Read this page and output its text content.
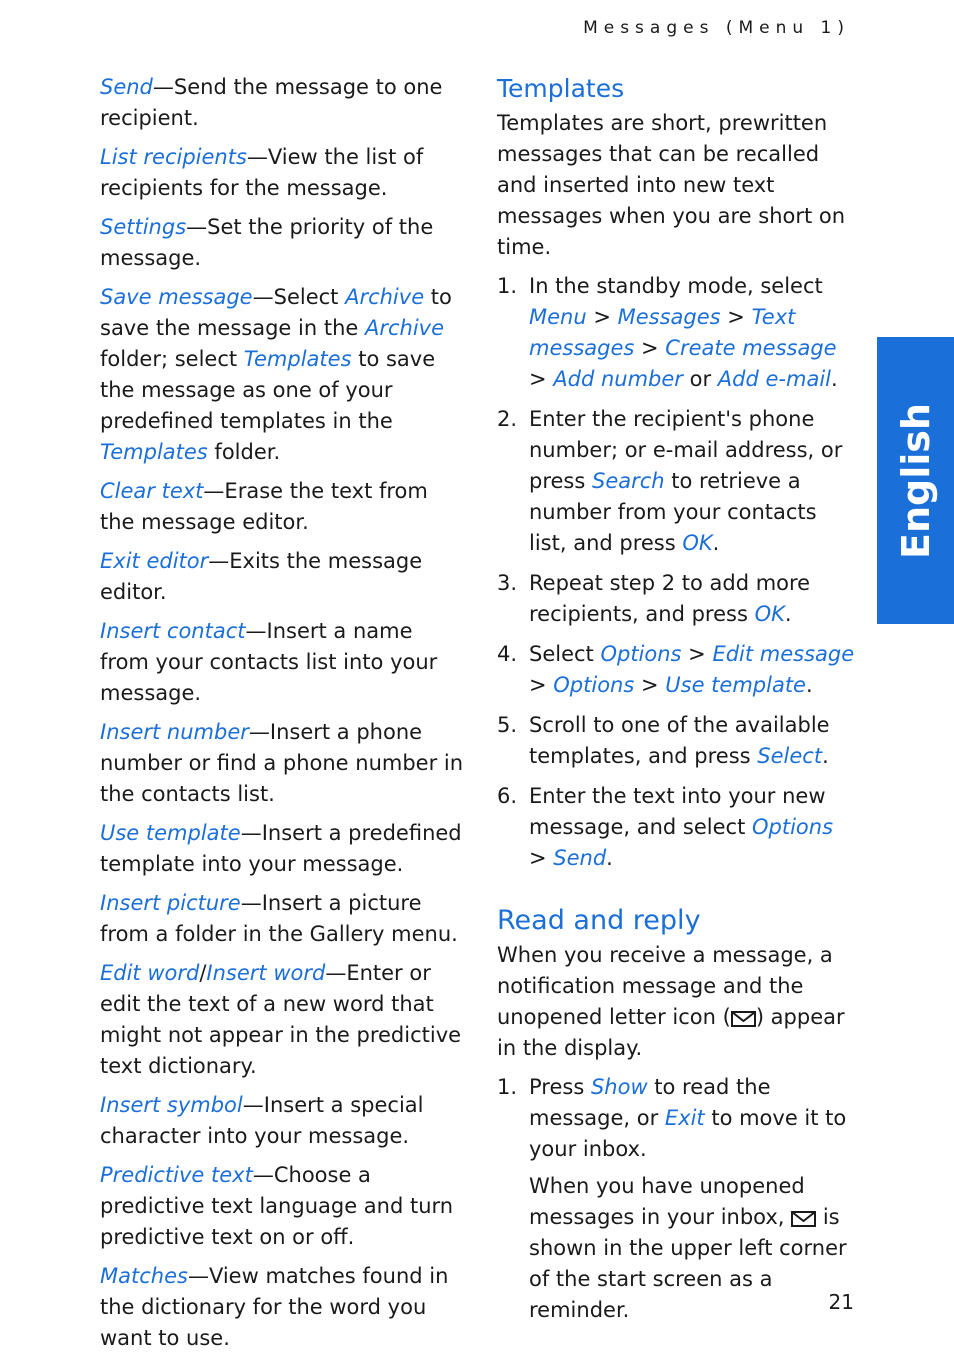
Messages (Menu 1)
English

Send—Send the message to one recipient.

List recipients—View the list of recipients for the message.

Settings—Set the priority of the message.

Save message—Select Archive to save the message in the Archive folder; select Templates to save the message as one of your predefined templates in the Templates folder.

Clear text—Erase the text from the message editor.

Exit editor—Exits the message editor.

Insert contact—Insert a name from your contacts list into your message.

Insert number—Insert a phone number or find a phone number in the contacts list.

Use template—Insert a predefined template into your message.

Insert picture—Insert a picture from a folder in the Gallery menu.

Edit word/Insert word—Enter or edit the text of a new word that might not appear in the predictive text dictionary.

Insert symbol—Insert a special character into your message.

Predictive text—Choose a predictive text language and turn predictive text on or off.

Matches—View matches found in the dictionary for the word you want to use.

Templates

Templates are short, prewritten messages that can be recalled and inserted into new text messages when you are short on time.

1. In the standby mode, select Menu > Messages > Text messages > Create message > Add number or Add e-mail.
2. Enter the recipient's phone number; or e-mail address, or press Search to retrieve a number from your contacts list, and press OK.
3. Repeat step 2 to add more recipients, and press OK.
4. Select Options > Edit message > Options > Use template.
5. Scroll to one of the available templates, and press Select.
6. Enter the text into your new message, and select Options > Send.
Read and reply

When you receive a message, a notification message and the unopened letter icon ( ) appear in the display.

1. Press Show to read the message, or Exit to move it to your inbox.

When you have unopened messages in your inbox,  is shown in the upper left corner of the start screen as a reminder.	21
